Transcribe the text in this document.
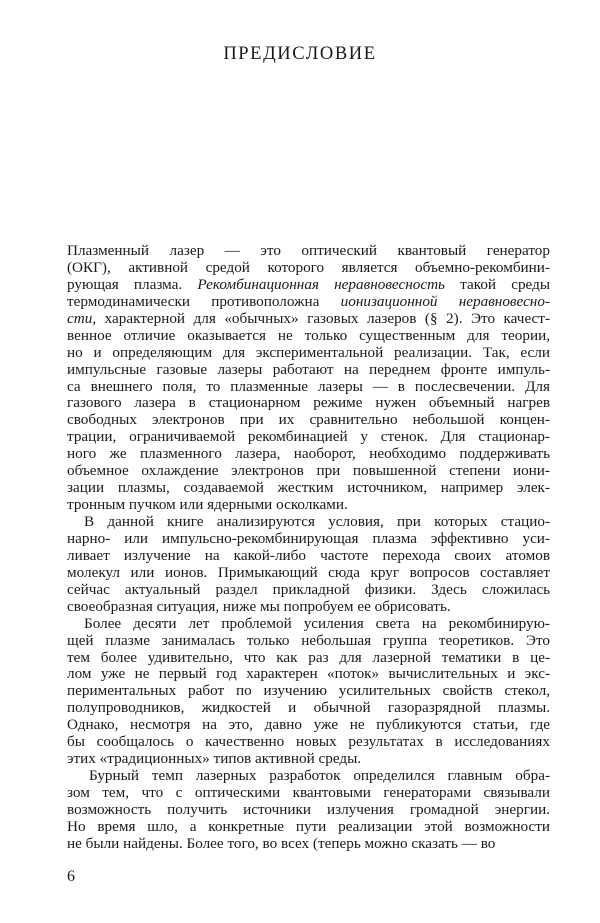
ПРЕДИСЛОВИЕ
Плазменный лазер — это оптический квантовый генератор
(ОКГ), активной средой которого является объемно-рекомбини-
рующая плазма. Рекомбинационная неравновесность такой среды
термодинамически противоположна ионизационной неравновесно-
сти, характерной для «обычных» газовых лазеров (§ 2). Это качест-
венное отличие оказывается не только существенным для теории,
но и определяющим для экспериментальной реализации. Так, если
импульсные газовые лазеры работают на переднем фронте импуль-
са внешнего поля, то плазменные лазеры — в послесвечении. Для
газового лазера в стационарном режиме нужен объемный нагрев
свободных электронов при их сравнительно небольшой концен-
трации, ограничиваемой рекомбинацией у стенок. Для стационар-
ного же плазменного лазера, наоборот, необходимо поддерживать
объемное охлаждение электронов при повышенной степени иони-
зации плазмы, создаваемой жестким источником, например элек-
тронным пучком или ядерными осколками.
В данной книге анализируются условия, при которых стацио-
нарно- или импульсно-рекомбинирующая плазма эффективно уси-
ливает излучение на какой-либо частоте перехода своих атомов
молекул или ионов. Примыкающий сюда круг вопросов составляет
сейчас актуальный раздел прикладной физики. Здесь сложилась
своеобразная ситуация, ниже мы попробуем ее обрисовать.
Более десяти лет проблемой усиления света на рекомбинирую-
щей плазме занималась только небольшая группа теоретиков. Это
тем более удивительно, что как раз для лазерной тематики в це-
лом уже не первый год характерен «поток» вычислительных и экс-
периментальных работ по изучению усилительных свойств стекол,
полупроводников, жидкостей и обычной газоразрядной плазмы.
Однако, несмотря на это, давно уже не публикуются статьи, где
бы сообщалось о качественно новых результатах в исследованиях
этих «традиционных» типов активной среды.
Бурный темп лазерных разработок определился главным обра-
зом тем, что с оптическими квантовыми генераторами связывали
возможность получить источники излучения громадной энергии.
Но время шло, а конкретные пути реализации этой возможности
не были найдены. Более того, во всех (теперь можно сказать — во

6
